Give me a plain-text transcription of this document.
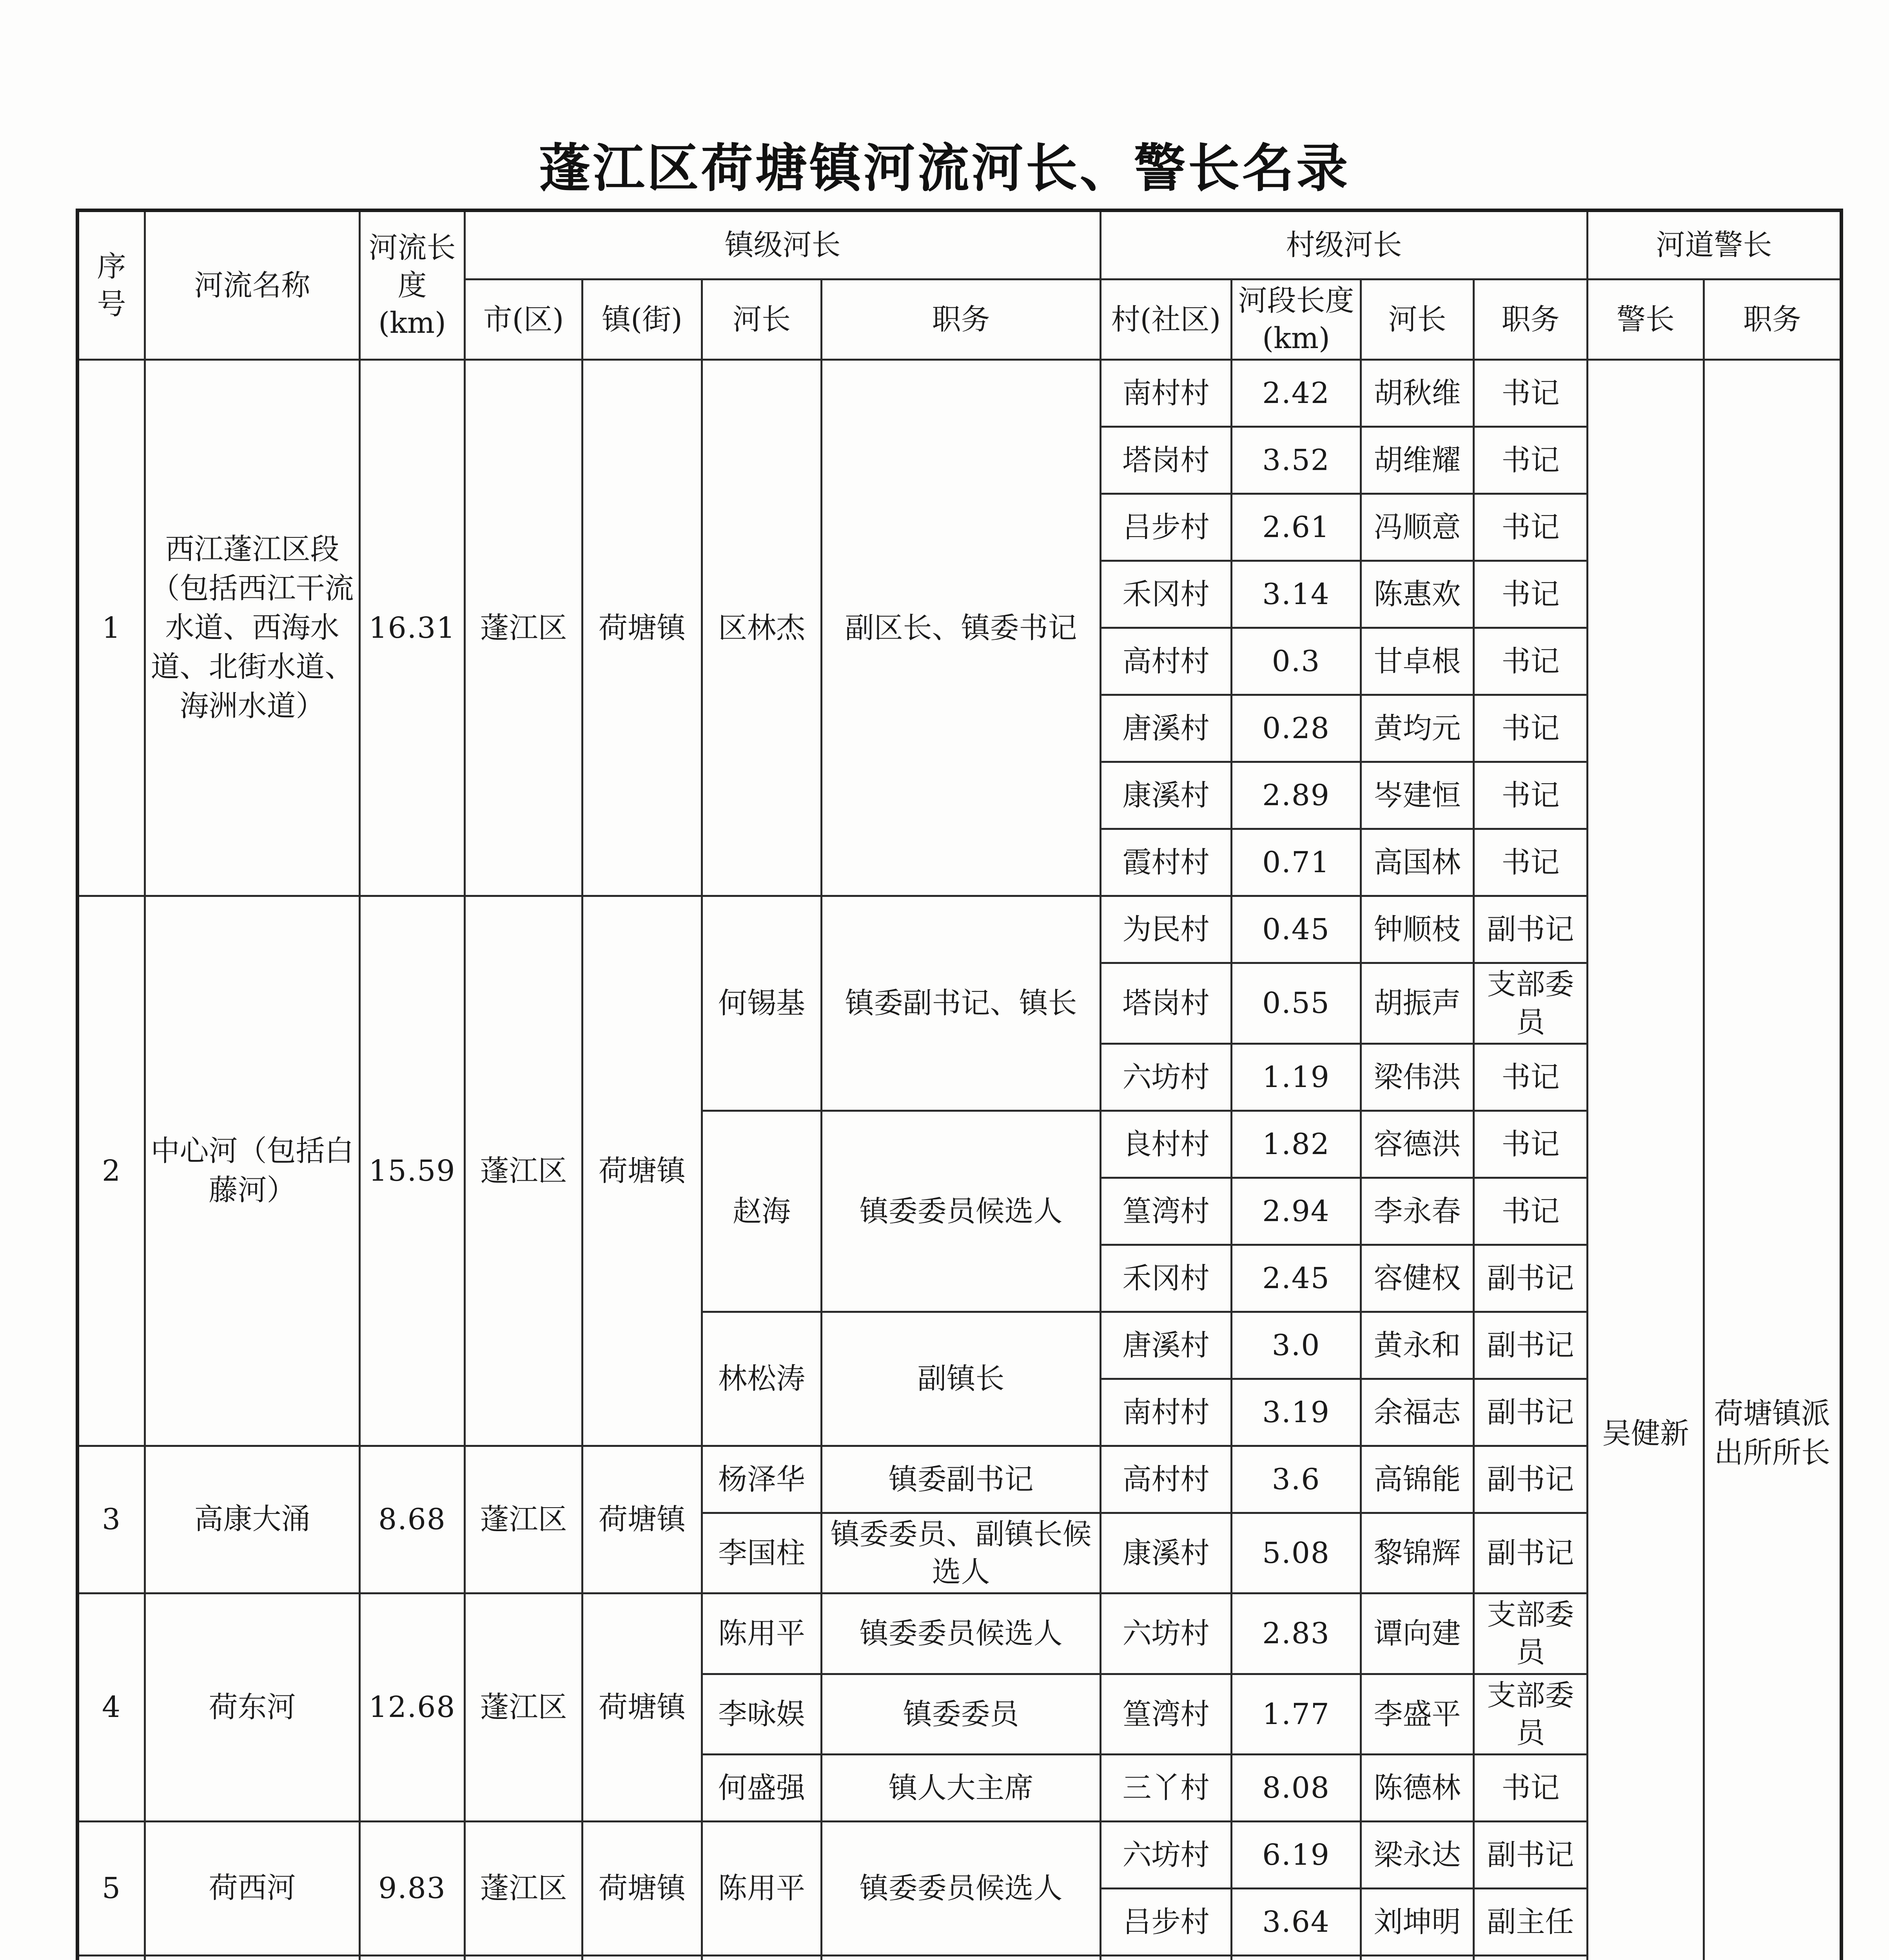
蓬江区荷塘镇河流河长、警长名录
序号	河流名称	河流长度(km)	镇级河长				村级河长				河道警长	
			市(区)	镇(街)	河长	职务	村(社区)	河段长度(km)	河长	职务	警长	职务
1	西江蓬江区段（包括西江干流水道、西海水道、北街水道、海洲水道）	16.31	蓬江区	荷塘镇	区林杰	副区长、镇委书记	南村村	2.42	胡秋维	书记	吴健新	荷塘镇派出所所长
							塔岗村	3.52	胡维耀	书记		
							吕步村	2.61	冯顺意	书记		
							禾冈村	3.14	陈惠欢	书记		
							高村村	0.3	甘卓根	书记		
							唐溪村	0.28	黄均元	书记		
							康溪村	2.89	岑建恒	书记		
							霞村村	0.71	高国林	书记		
2	中心河（包括白藤河）	15.59	蓬江区	荷塘镇	何锡基	镇委副书记、镇长	为民村	0.45	钟顺枝	副书记		
							塔岗村	0.55	胡振声	支部委员		
							六坊村	1.19	梁伟洪	书记		
					赵海	镇委委员候选人	良村村	1.82	容德洪	书记		
							篁湾村	2.94	李永春	书记		
							禾冈村	2.45	容健权	副书记		
					林松涛	副镇长	唐溪村	3.0	黄永和	副书记		
							南村村	3.19	余福志	副书记		
3	高康大涌	8.68	蓬江区	荷塘镇	杨泽华	镇委副书记	高村村	3.6	高锦能	副书记		
					李国柱	镇委委员、副镇长候选人	康溪村	5.08	黎锦辉	副书记		
4	荷东河	12.68	蓬江区	荷塘镇	陈用平	镇委委员候选人	六坊村	2.83	谭向建	支部委员		
					李咏娱	镇委委员	篁湾村	1.77	李盛平	支部委员		
					何盛强	镇人大主席	三丫村	8.08	陈德林	书记		
5	荷西河	9.83	蓬江区	荷塘镇	陈用平	镇委委员候选人	六坊村	6.19	梁永达	副书记		
							吕步村	3.64	刘坤明	副主任		
